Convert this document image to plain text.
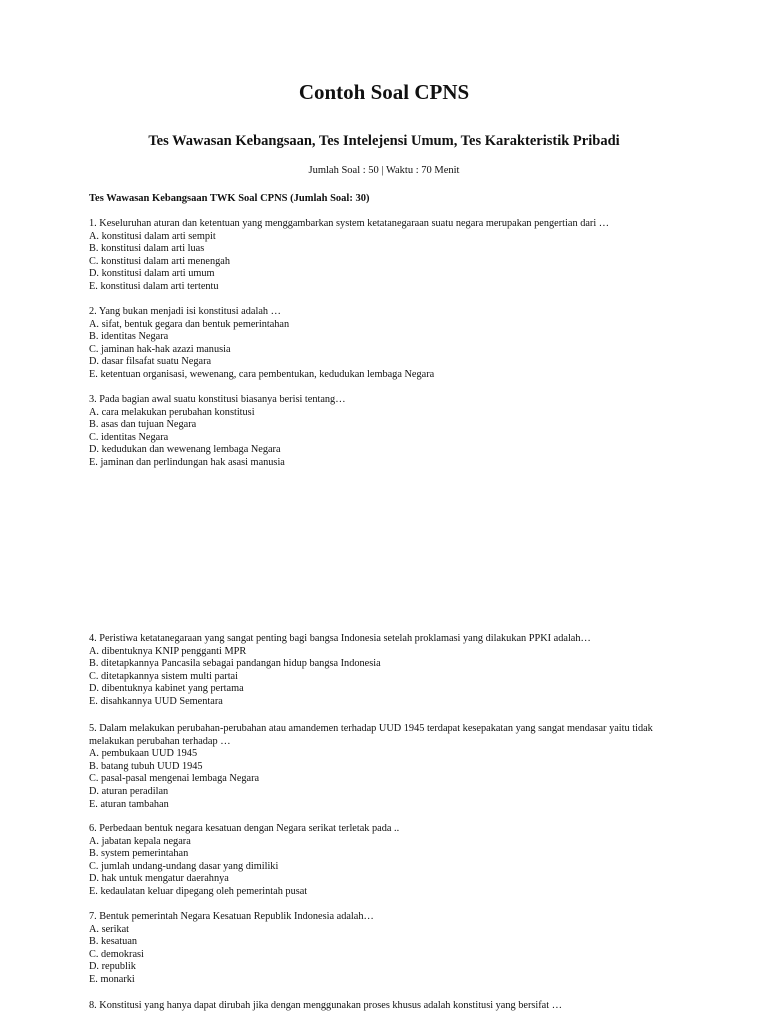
Contoh Soal CPNS
Tes Wawasan Kebangsaan, Tes Intelejensi Umum, Tes Karakteristik Pribadi
Jumlah Soal : 50 | Waktu : 70 Menit
Tes Wawasan Kebangsaan TWK Soal CPNS (Jumlah Soal: 30)
1. Keseluruhan aturan dan ketentuan yang menggambarkan system ketatanegaraan suatu negara merupakan pengertian dari …
A. konstitusi dalam arti sempit
B. konstitusi dalam arti luas
C. konstitusi dalam arti menengah
D. konstitusi dalam arti umum
E. konstitusi dalam arti tertentu
2. Yang bukan menjadi isi konstitusi adalah …
A. sifat, bentuk gegara dan bentuk pemerintahan
B. identitas Negara
C. jaminan hak-hak azazi manusia
D. dasar filsafat suatu Negara
E. ketentuan organisasi, wewenang, cara pembentukan, kedudukan lembaga Negara
3. Pada bagian awal suatu konstitusi biasanya berisi tentang…
A. cara melakukan perubahan konstitusi
B. asas dan tujuan Negara
C. identitas Negara
D. kedudukan dan wewenang lembaga Negara
E. jaminan dan perlindungan hak asasi manusia
4. Peristiwa ketatanegaraan yang sangat penting bagi bangsa Indonesia setelah proklamasi yang dilakukan PPKI adalah…
A. dibentuknya KNIP pengganti MPR
B. ditetapkannya Pancasila sebagai pandangan hidup bangsa Indonesia
C. ditetapkannya sistem multi partai
D. dibentuknya kabinet yang pertama
E. disahkannya UUD Sementara
5. Dalam melakukan perubahan-perubahan atau amandemen terhadap UUD 1945 terdapat kesepakatan yang sangat mendasar yaitu tidak melakukan perubahan terhadap …
A. pembukaan UUD 1945
B. batang tubuh UUD 1945
C. pasal-pasal mengenai lembaga Negara
D. aturan peradilan
E. aturan tambahan
6. Perbedaan bentuk negara kesatuan dengan Negara serikat terletak pada ..
A. jabatan kepala negara
B. system pemerintahan
C. jumlah undang-undang dasar yang dimiliki
D. hak untuk mengatur daerahnya
E. kedaulatan keluar dipegang oleh pemerintah pusat
7. Bentuk pemerintah Negara Kesatuan Republik Indonesia adalah…
A. serikat
B. kesatuan
C. demokrasi
D. republik
E. monarki
8. Konstitusi yang hanya dapat dirubah jika dengan menggunakan proses khusus adalah konstitusi yang bersifat …
